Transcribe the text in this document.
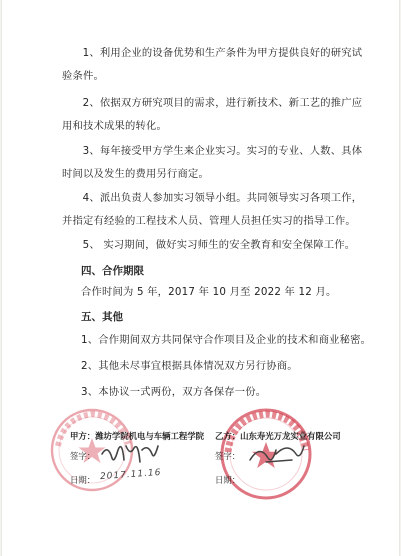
1、利用企业的设备优势和生产条件为甲方提供良好的研究试验条件。

2、依据双方研究项目的需求，进行新技术、新工艺的推广应用和技术成果的转化。

3、每年接受甲方学生来企业实习。实习的专业、人数、具体时间以及发生的费用另行商定。

4、派出负责人参加实习领导小组。共同领导实习各项工作，并指定有经验的工程技术人员、管理人员担任实习的指导工作。

5、 实习期间，做好实习师生的安全教育和安全保障工作。

四、合作期限

合作时间为 5 年，2017 年 10 月至 2022 年 12 月。

五、其他

1、合作期间双方共同保守合作项目及企业的技术和商业秘密。

2、其他未尽事宜根据具体情况双方另行协商。

3、本协议一式两份，双方各保存一份。

甲方：潍坊学院机电与车辆工程学院
签字：
日期： 2017.11.16
乙方：山东寿光万龙实业有限公司
签字：
日期：
